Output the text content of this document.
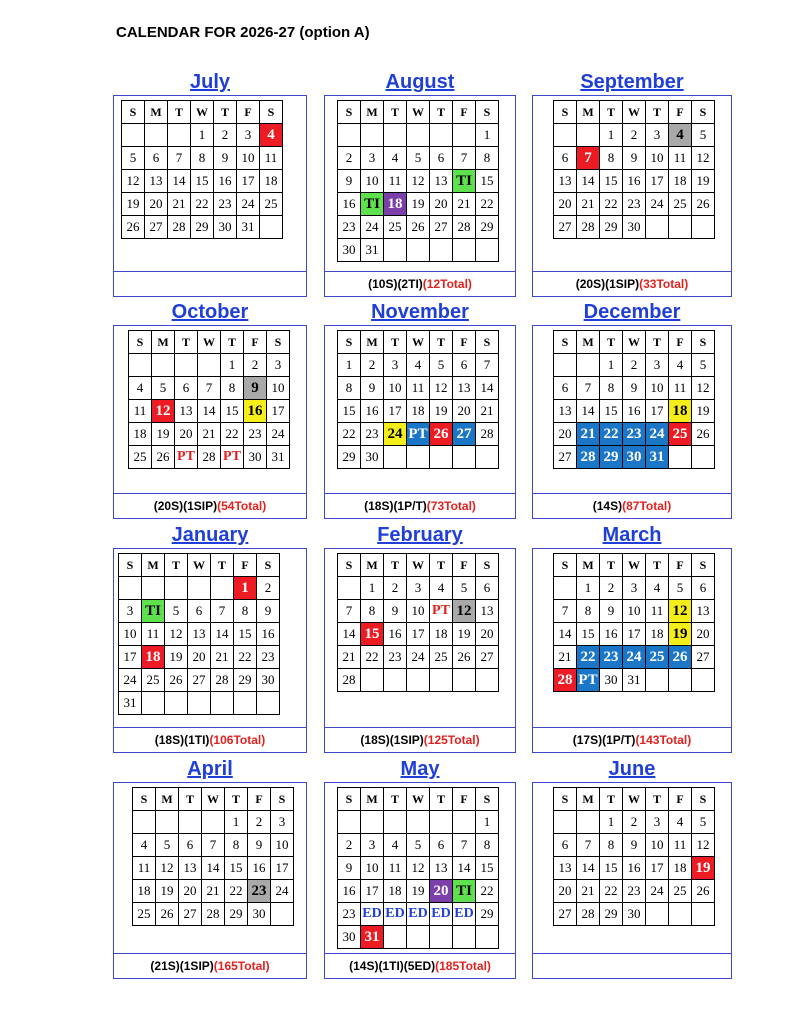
CALENDAR FOR 2026-27 (option A)
July
S	M	T	W	T	F	S
			1	2	3	4
5	6	7	8	9	10	11
12	13	14	15	16	17	18
19	20	21	22	23	24	25
26	27	28	29	30	31	
August
S	M	T	W	T	F	S
						1
2	3	4	5	6	7	8
9	10	11	12	13	TI	15
16	TI	18	19	20	21	22
23	24	25	26	27	28	29
30	31					
(10S)(2TI)(12Total)
September
S	M	T	W	T	F	S
		1	2	3	4	5
6	7	8	9	10	11	12
13	14	15	16	17	18	19
20	21	22	23	24	25	26
27	28	29	30			
(20S)(1SIP)(33Total)
October
S	M	T	W	T	F	S
				1	2	3
4	5	6	7	8	9	10
11	12	13	14	15	16	17
18	19	20	21	22	23	24
25	26	PT	28	PT	30	31
(20S)(1SIP)(54Total)
November
S	M	T	W	T	F	S
1	2	3	4	5	6	7
8	9	10	11	12	13	14
15	16	17	18	19	20	21
22	23	24	PT	26	27	28
29	30					
(18S)(1P/T)(73Total)
December
S	M	T	W	T	F	S
		1	2	3	4	5
6	7	8	9	10	11	12
13	14	15	16	17	18	19
20	21	22	23	24	25	26
27	28	29	30	31		
(14S)(87Total)
January
S	M	T	W	T	F	S
					1	2
3	TI	5	6	7	8	9
10	11	12	13	14	15	16
17	18	19	20	21	22	23
24	25	26	27	28	29	30
31						
(18S)(1TI)(106Total)
February
S	M	T	W	T	F	S
	1	2	3	4	5	6
7	8	9	10	PT	12	13
14	15	16	17	18	19	20
21	22	23	24	25	26	27
28						
(18S)(1SIP)(125Total)
March
S	M	T	W	T	F	S
	1	2	3	4	5	6
7	8	9	10	11	12	13
14	15	16	17	18	19	20
21	22	23	24	25	26	27
28	PT	30	31			
(17S)(1P/T)(143Total)
April
S	M	T	W	T	F	S
				1	2	3
4	5	6	7	8	9	10
11	12	13	14	15	16	17
18	19	20	21	22	23	24
25	26	27	28	29	30	
(21S)(1SIP)(165Total)
May
S	M	T	W	T	F	S
						1
2	3	4	5	6	7	8
9	10	11	12	13	14	15
16	17	18	19	20	TI	22
23	ED	ED	ED	ED	ED	29
30	31					
(14S)(1TI)(5ED)(185Total)
June
S	M	T	W	T	F	S
		1	2	3	4	5
6	7	8	9	10	11	12
13	14	15	16	17	18	19
20	21	22	23	24	25	26
27	28	29	30			
